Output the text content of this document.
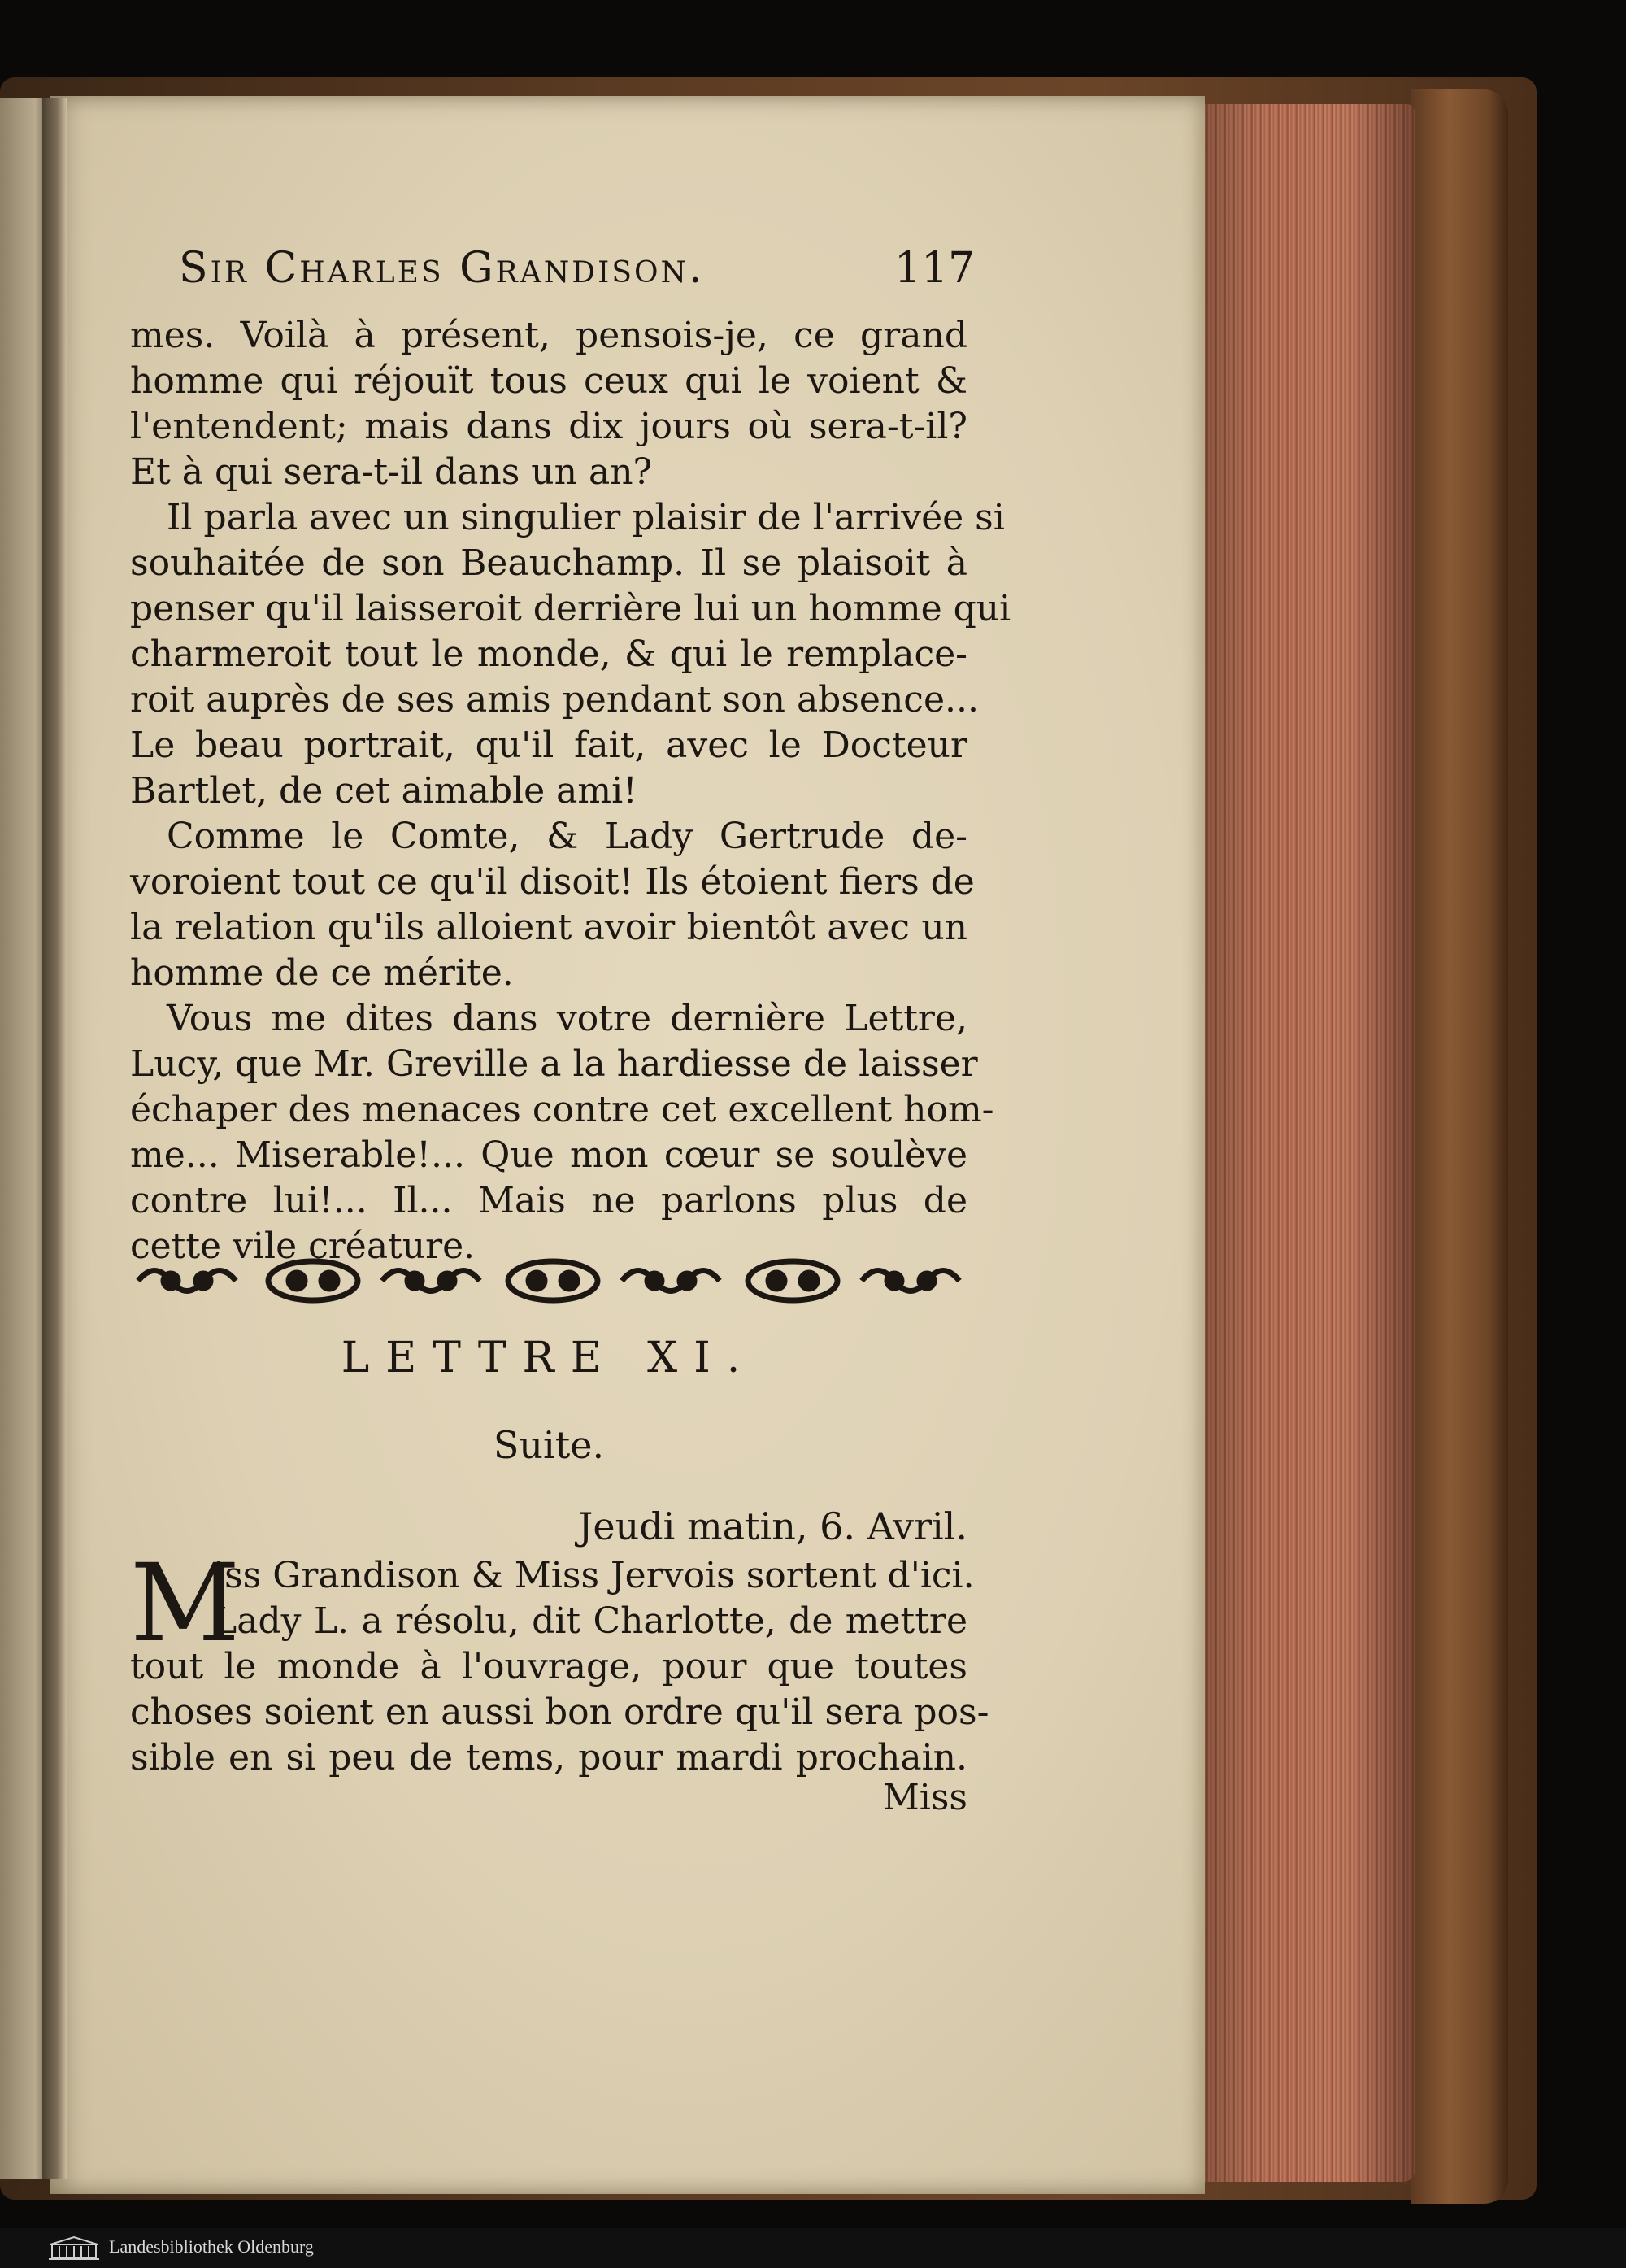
Sir Charles Grandison.	117
mes. Voilà à présent, pensois-je, ce grand
homme qui réjouït tous ceux qui le voient &
l'entendent; mais dans dix jours où sera-t-il?
Et à qui sera-t-il dans un an?
Il parla avec un singulier plaisir de l'arrivée si
souhaitée de son Beauchamp. Il se plaisoit à
penser qu'il laisseroit derrière lui un homme qui
charmeroit tout le monde, & qui le remplace-
roit auprès de ses amis pendant son absence...
Le beau portrait, qu'il fait, avec le Docteur
Bartlet, de cet aimable ami!
Comme le Comte, & Lady Gertrude de-
voroient tout ce qu'il disoit! Ils étoient fiers de
la relation qu'ils alloient avoir bientôt avec un
homme de ce mérite.
Vous me dites dans votre dernière Lettre,
Lucy, que Mr. Greville a la hardiesse de laisser
échaper des menaces contre cet excellent hom-
me... Miserable!... Que mon cœur se soulève
contre lui!... Il... Mais ne parlons plus de
cette vile créature.
LETTRE XI.
Suite.
Jeudi matin, 6. Avril.
M
iss Grandison & Miss Jervois sortent d'ici.
Lady L. a résolu, dit Charlotte, de mettre
tout le monde à l'ouvrage, pour que toutes
choses soient en aussi bon ordre qu'il sera pos-
sible en si peu de tems, pour mardi prochain.
Miss
Landesbibliothek Oldenburg
